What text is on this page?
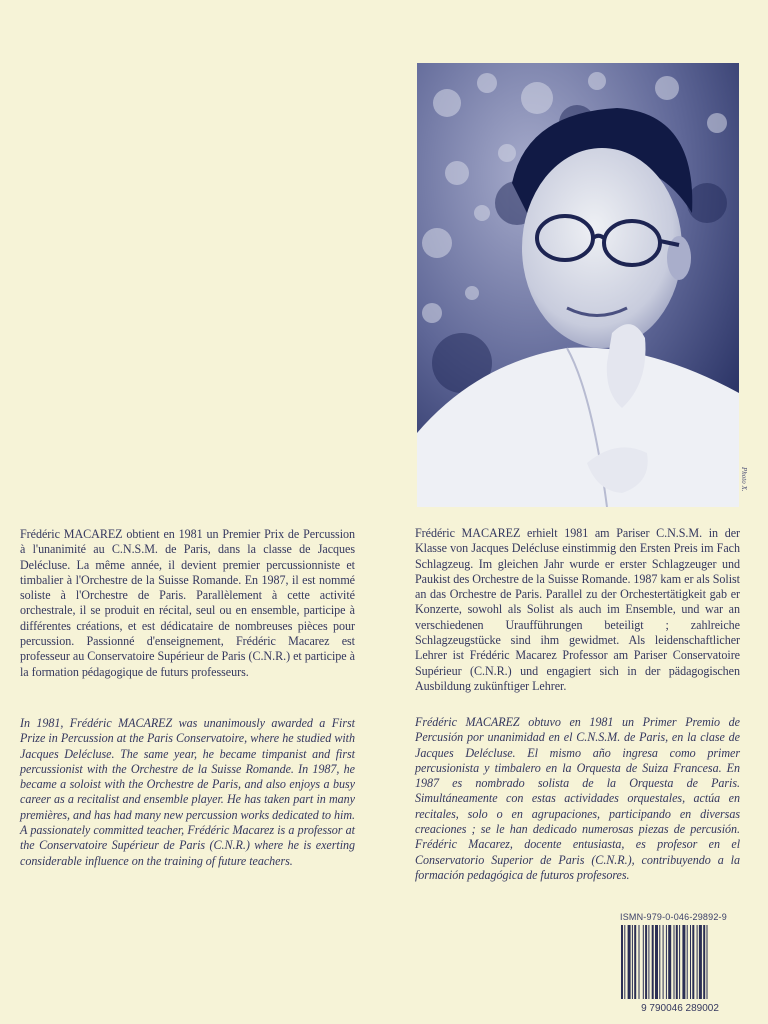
Photo X.

Frédéric MACAREZ obtient en 1981 un Premier Prix de Percussion à l'unanimité au C.N.S.M. de Paris, dans la classe de Jacques Delécluse. La même année, il devient premier percussionniste et timbalier à l'Orchestre de la Suisse Romande. En 1987, il est nommé soliste à l'Orchestre de Paris. Parallèlement à cette activité orchestrale, il se produit en récital, seul ou en ensemble, participe à différentes créations, et est dédicataire de nombreuses pièces pour percussion. Passionné d'enseignement, Frédéric Macarez est professeur au Conservatoire Supérieur de Paris (C.N.R.) et participe à la formation pédagogique de futurs professeurs.

Frédéric MACAREZ erhielt 1981 am Pariser C.N.S.M. in der Klasse von Jacques Delécluse einstimmig den Ersten Preis im Fach Schlagzeug. Im gleichen Jahr wurde er erster Schlagzeuger und Paukist des Orchestre de la Suisse Romande. 1987 kam er als Solist an das Orchestre de Paris. Parallel zu der Orchestertätigkeit gab er Konzerte, sowohl als Solist als auch im Ensemble, und war an verschiedenen Uraufführungen beteiligt ; zahlreiche Schlagzeugstücke sind ihm gewidmet. Als leidenschaftlicher Lehrer ist Frédéric Macarez Professor am Pariser Conservatoire Supérieur (C.N.R.) und engagiert sich in der pädagogischen Ausbildung zukünftiger Lehrer.

In 1981, Frédéric MACAREZ was unanimously awarded a First Prize in Percussion at the Paris Conservatoire, where he studied with Jacques Delécluse. The same year, he became timpanist and first percussionist with the Orchestre de la Suisse Romande. In 1987, he became a soloist with the Orchestre de Paris, and also enjoys a busy career as a recitalist and ensemble player. He has taken part in many premières, and has had many new percussion works dedicated to him. A passionately committed teacher, Frédéric Macarez is a professor at the Conservatoire Supérieur de Paris (C.N.R.) where he is exerting considerable influence on the training of future teachers.

Frédéric MACAREZ obtuvo en 1981 un Primer Premio de Percusión por unanimidad en el C.N.S.M. de Paris, en la clase de Jacques Delécluse. El mismo año ingresa como primer percusionista y timbalero en la Orquesta de Suiza Francesa. En 1987 es nombrado solista de la Orquesta de Paris. Simultáneamente con estas actividades orquestales, actúa en recitales, solo o en agrupaciones, participando en diversas creaciones ; se le han dedicado numerosas piezas de percusión. Frédéric Macarez, docente entusiasta, es profesor en el Conservatorio Superior de Paris (C.N.R.), contribuyendo a la formación pedagógica de futuros profesores.

ISMN-979-0-046-29892-9
9 790046 289002
